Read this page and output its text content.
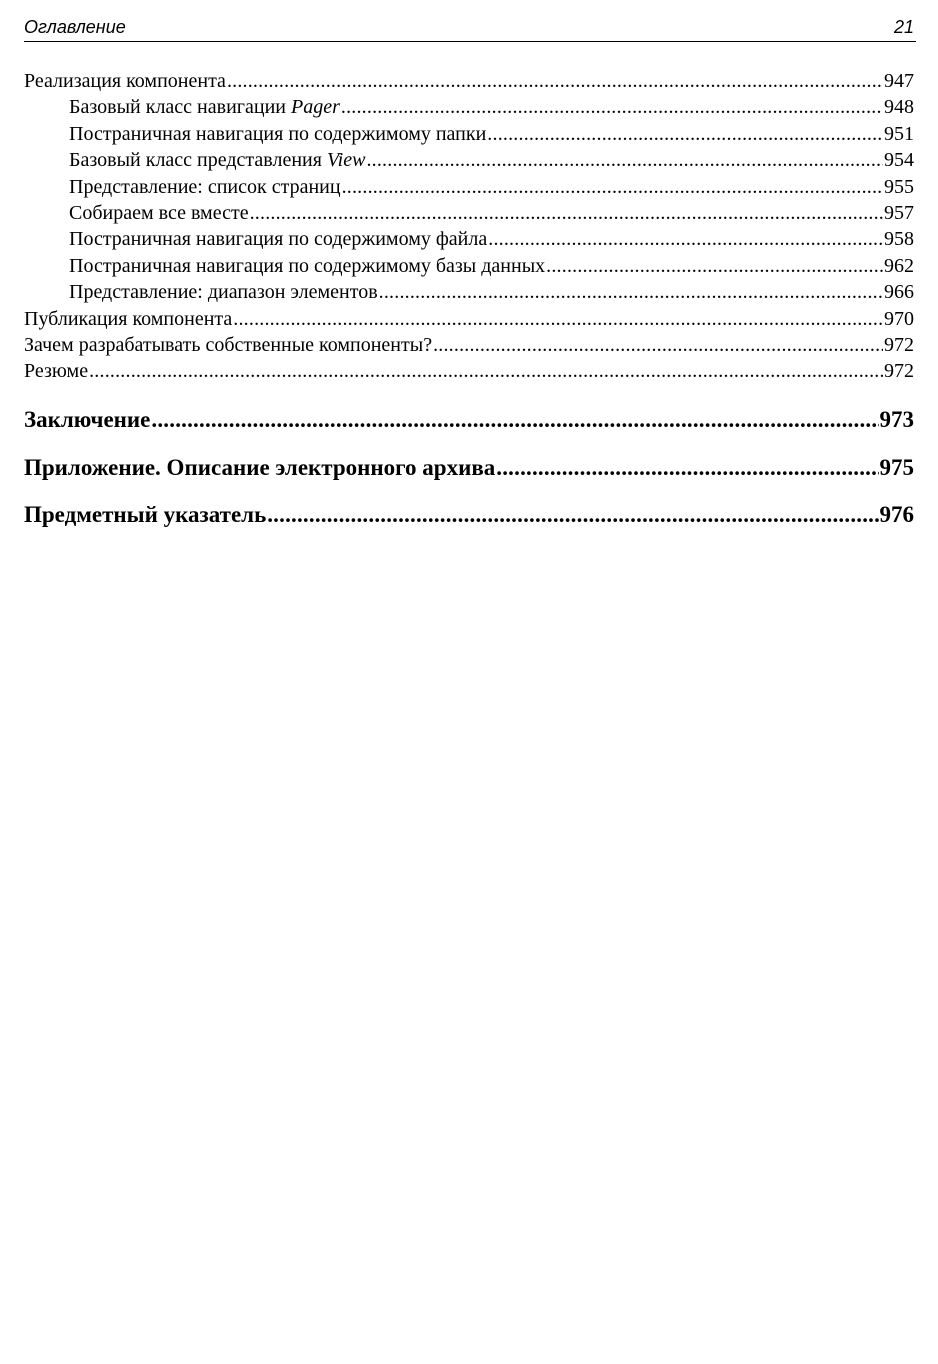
Оглавление	21
Реализация компонента .....	947
Базовый класс навигации Pager .....	948
Постраничная навигация по содержимому папки .....	951
Базовый класс представления View .....	954
Представление: список страниц .....	955
Собираем все вместе .....	957
Постраничная навигация по содержимому файла .....	958
Постраничная навигация по содержимому базы данных .....	962
Представление: диапазон элементов .....	966
Публикация компонента .....	970
Зачем разрабатывать собственные компоненты? .....	972
Резюме .....	972
Заключение .....	973
Приложение. Описание электронного архива .....	975
Предметный указатель .....	976
